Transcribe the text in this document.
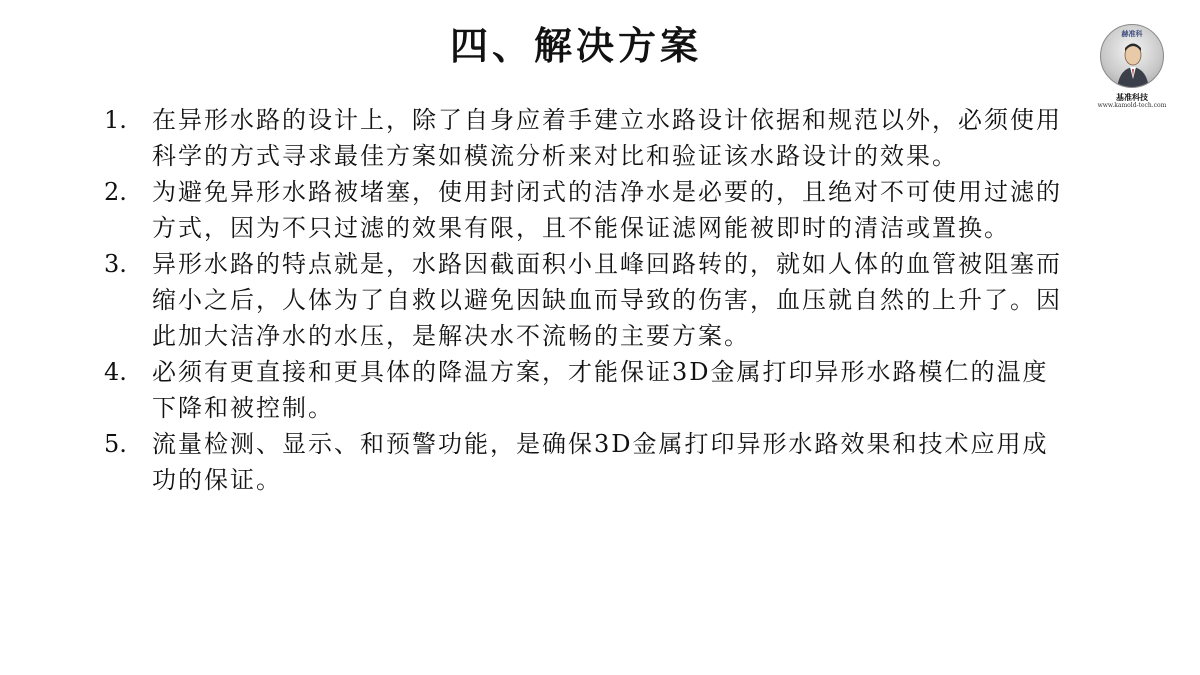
四、解决方案	赫准科
基准科技
www.kamold-tech.com
1.	在异形水路的设计上，除了自身应着手建立水路设计依据和规范以外，必须使用科学的方式寻求最佳方案如模流分析来对比和验证该水路设计的效果。
2.	为避免异形水路被堵塞，使用封闭式的洁净水是必要的，且绝对不可使用过滤的方式，因为不只过滤的效果有限，且不能保证滤网能被即时的清洁或置换。
3.	异形水路的特点就是，水路因截面积小且峰回路转的，就如人体的血管被阻塞而缩小之后，人体为了自救以避免因缺血而导致的伤害，血压就自然的上升了。因此加大洁净水的水压，是解决水不流畅的主要方案。
4.	必须有更直接和更具体的降温方案，才能保证3D金属打印异形水路模仁的温度下降和被控制。
5.	流量检测、显示、和预警功能，是确保3D金属打印异形水路效果和技术应用成功的保证。
